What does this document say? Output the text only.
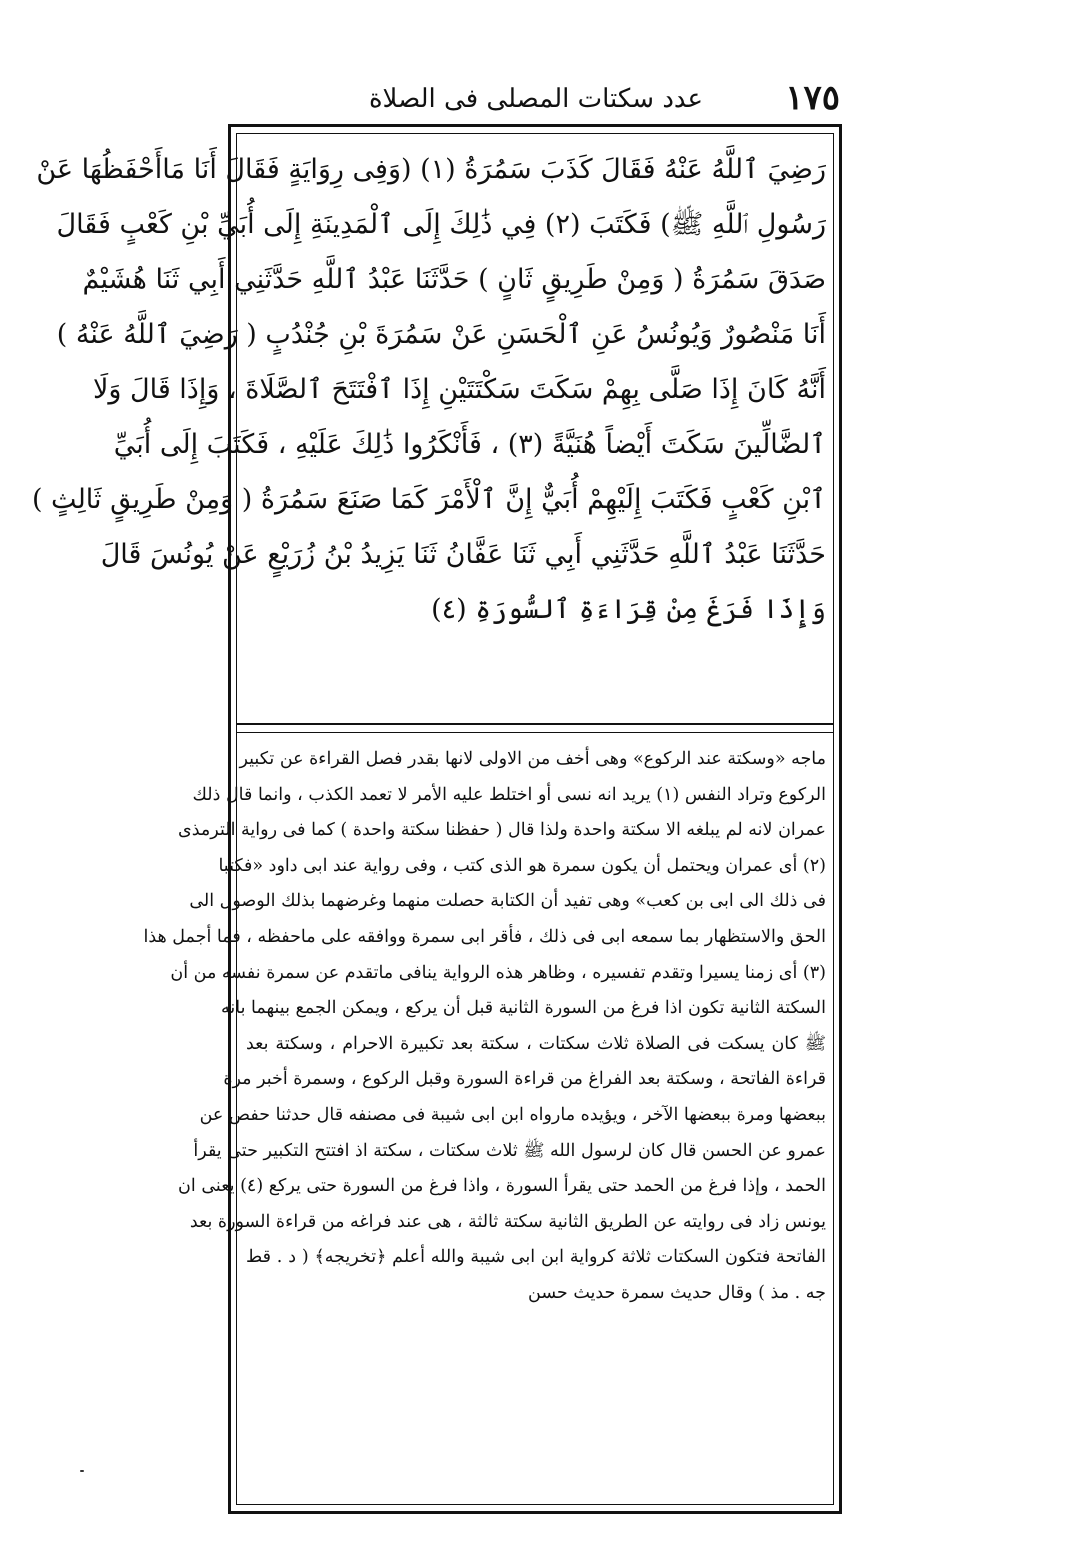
١٧٥
عدد سكتات المصلى فى الصلاة
رَضِيَ ٱللَّهُ عَنْهُ فَقَالَ كَذَبَ سَمُرَةُ (١) (وَفِى رِوَايَةٍ فَقَالَ أَنَا مَاأَحْفَظُهَا عَنْ
رَسُولِ ٱللَّهِ ﷺ) فَكَتَبَ (٢) فِي ذَٰلِكَ إِلَى ٱلْمَدِينَةِ إِلَى أُبَيِّ بْنِ كَعْبٍ فَقَالَ
صَدَقَ سَمُرَةُ ( وَمِنْ طَرِيقٍ ثَانٍ ) حَدَّثَنَا عَبْدُ ٱللَّهِ حَدَّثَنِي أَبِي ثَنَا هُشَيْمٌ
أَنَا مَنْصُورٌ وَيُونُسُ عَنِ ٱلْحَسَنِ عَنْ سَمُرَةَ بْنِ جُنْدُبٍ ( رَضِيَ ٱللَّهُ عَنْهُ )
أَنَّهُ كَانَ إِذَا صَلَّى بِهِمْ سَكَتَ سَكْتَتَيْنِ إِذَا ٱفْتَتَحَ ٱلصَّلَاةَ ، وَإِذَا قَالَ وَلَا
ٱلضَّالِّينَ سَكَتَ أَيْضاً هُنَيَّةً (٣) ، فَأَنْكَرُوا ذَٰلِكَ عَلَيْهِ ، فَكَتَبَ إِلَى أُبَيِّ
ٱبْنِ كَعْبٍ فَكَتَبَ إِلَيْهِمْ أُبَيٌّ إِنَّ ٱلْأَمْرَ كَمَا صَنَعَ سَمُرَةُ ( وَمِنْ طَرِيقٍ ثَالِثٍ )
حَدَّثَنَا عَبْدُ ٱللَّهِ حَدَّثَنِي أَبِي ثَنَا عَفَّانُ ثَنَا يَزِيدُ بْنُ زُرَيْعٍ عَنْ يُونُسَ قَالَ
وَإِذَا فَرَغَ مِنْ قِرَاءَةِ ٱلسُّورَةِ (٤)
ماجه «وسكتة عند الركوع» وهى أخف من الاولى لانها بقدر فصل القراءة عن تكبير
الركوع وتراد النفس (١) يريد انه نسى أو اختلط عليه الأمر لا تعمد الكذب ، وانما قال ذلك
عمران لانه لم يبلغه الا سكتة واحدة ولذا قال ( حفظنا سكتة واحدة ) كما فى رواية الترمذى
(٢) أى عمران ويحتمل أن يكون سمرة هو الذى كتب ، وفى رواية عند ابى داود «فكتبا
فى ذلك الى ابى بن كعب» وهى تفيد أن الكتابة حصلت منهما وغرضهما بذلك الوصول الى
الحق والاستظهار بما سمعه ابى فى ذلك ، فأقر ابى سمرة ووافقه على ماحفظه ، فما أجمل هذا
(٣) أى زمنا يسيرا وتقدم تفسيره ، وظاهر هذه الرواية ينافى ماتقدم عن سمرة نفسه من أن
السكتة الثانية تكون اذا فرغ من السورة الثانية قبل أن يركع ، ويمكن الجمع بينهما بانه
ﷺ كان يسكت فى الصلاة ثلاث سكتات ، سكتة بعد تكبيرة الاحرام ، وسكتة بعد
قراءة الفاتحة ، وسكتة بعد الفراغ من قراءة السورة وقبل الركوع ، وسمرة أخبر مرة
ببعضها ومرة ببعضها الآخر ، ويؤيده مارواه ابن ابى شيبة فى مصنفه قال حدثنا حفص عن
عمرو عن الحسن قال كان لرسول الله ﷺ ثلاث سكتات ، سكتة اذ افتتح التكبير حتى يقرأ
الحمد ، وإذا فرغ من الحمد حتى يقرأ السورة ، واذا فرغ من السورة حتى يركع (٤) يعنى ان
يونس زاد فى روايته عن الطريق الثانية سكتة ثالثة ، هى عند فراغه من قراءة السورة بعد
الفاتحة فتكون السكتات ثلاثة كرواية ابن ابى شيبة والله أعلم ﴿تخريجه﴾ ( د . قط
جه . مذ ) وقال حديث سمرة حديث حسن
